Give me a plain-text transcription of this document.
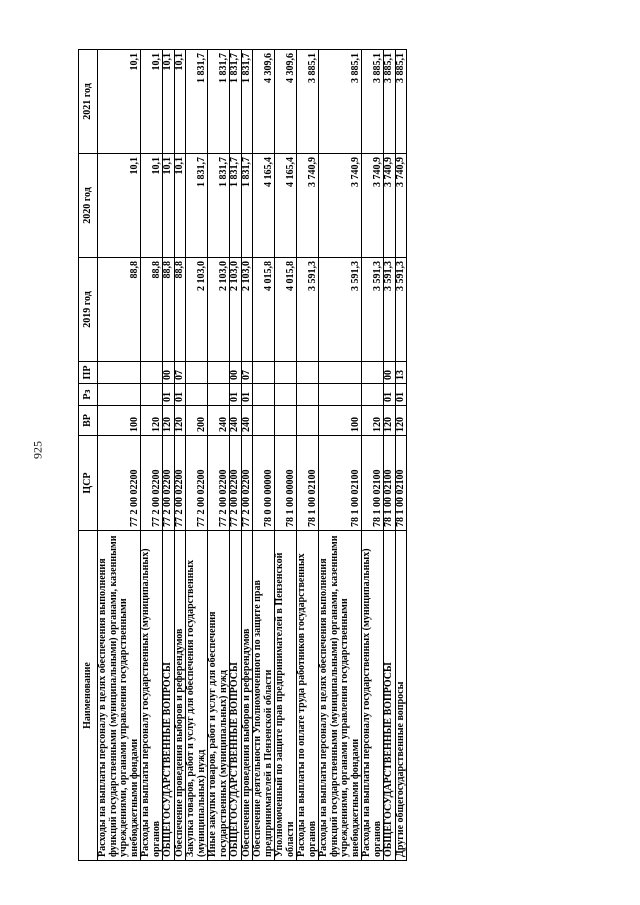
925
Наименование	ЦСР	ВР	Рз	ПР	2019 год	2020 год	2021 год
Расходы на выплаты персоналу в целях обеспечения выполнения функций государственными (муниципальными) органами, казенными учреждениями, органами управления государственными внебюджетными фондами	77 2 00 02200	100			88,8	10,1	10,1
Расходы на выплаты персоналу государственных (муниципальных) органов	77 2 00 02200	120			88,8	10,1	10,1
ОБЩЕГОСУДАРСТВЕННЫЕ ВОПРОСЫ	77 2 00 02200	120	01	00	88,8	10,1	10,1
Обеспечение проведения выборов и референдумов	77 2 00 02200	120	01	07	88,8	10,1	10,1
Закупка товаров, работ и услуг для обеспечения государственных (муниципальных) нужд	77 2 00 02200	200			2 103,0	1 831,7	1 831,7
Иные закупки товаров, работ и услуг для обеспечения государственных (муниципальных) нужд	77 2 00 02200	240			2 103,0	1 831,7	1 831,7
ОБЩЕГОСУДАРСТВЕННЫЕ ВОПРОСЫ	77 2 00 02200	240	01	00	2 103,0	1 831,7	1 831,7
Обеспечение проведения выборов и референдумов	77 2 00 02200	240	01	07	2 103,0	1 831,7	1 831,7
Обеспечение деятельности Уполномоченного по защите прав предпринимателей в Пензенской области	78 0 00 00000				4 015,8	4 165,4	4 309,6
Уполномоченный по защите прав предпринимателей в Пензенской области	78 1 00 00000				4 015,8	4 165,4	4 309,6
Расходы на выплаты по оплате труда работников государственных органов	78 1 00 02100				3 591,3	3 740,9	3 885,1
Расходы на выплаты персоналу в целях обеспечения выполнения функций государственными (муниципальными) органами, казенными учреждениями, органами управления государственными внебюджетными фондами	78 1 00 02100	100			3 591,3	3 740,9	3 885,1
Расходы на выплаты персоналу государственных (муниципальных) органов	78 1 00 02100	120			3 591,3	3 740,9	3 885,1
ОБЩЕГОСУДАРСТВЕННЫЕ ВОПРОСЫ	78 1 00 02100	120	01	00	3 591,3	3 740,9	3 885,1
Другие общегосударственные вопросы	78 1 00 02100	120	01	13	3 591,3	3 740,9	3 885,1
